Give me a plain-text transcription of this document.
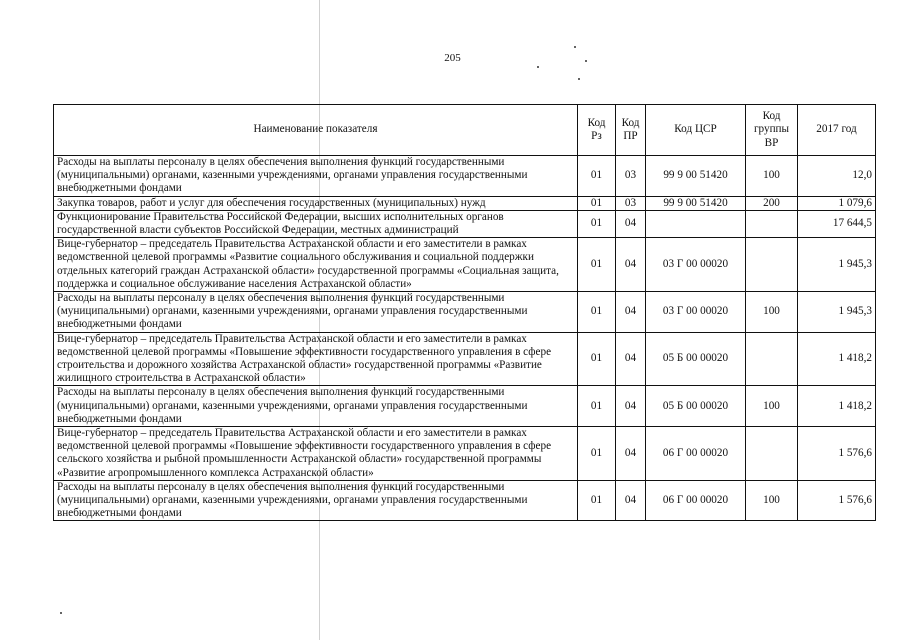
205
Наименование показателя	Код Рз	Код ПР	Код ЦСР	Код группы ВР	2017 год
Расходы на выплаты персоналу в целях обеспечения выполнения функций государственными (муниципальными) органами, казенными учреждениями, органами управления государственными внебюджетными фондами	01	03	99 9 00 51420	100	12,0
Закупка товаров, работ и услуг для обеспечения государственных (муниципальных) нужд	01	03	99 9 00 51420	200	1 079,6
Функционирование Правительства Российской Федерации, высших исполнительных органов государственной власти субъектов Российской Федерации, местных администраций	01	04			17 644,5
Вице-губернатор – председатель Правительства Астраханской области и его заместители в рамках ведомственной целевой программы «Развитие социального обслуживания и социальной поддержки отдельных категорий граждан Астраханской области» государственной программы «Социальная защита, поддержка и социальное обслуживание населения Астраханской области»	01	04	03 Г 00 00020		1 945,3
Расходы на выплаты персоналу в целях обеспечения выполнения функций государственными (муниципальными) органами, казенными учреждениями, органами управления государственными внебюджетными фондами	01	04	03 Г 00 00020	100	1 945,3
Вице-губернатор – председатель Правительства Астраханской области и его заместители в рамках ведомственной целевой программы «Повышение эффективности государственного управления в сфере строительства и дорожного хозяйства Астраханской области» государственной программы «Развитие жилищного строительства в Астраханской области»	01	04	05 Б 00 00020		1 418,2
Расходы на выплаты персоналу в целях обеспечения выполнения функций государственными (муниципальными) органами, казенными учреждениями, органами управления государственными внебюджетными фондами	01	04	05 Б 00 00020	100	1 418,2
Вице-губернатор – председатель Правительства Астраханской области и его заместители в рамках ведомственной целевой программы «Повышение эффективности государственного управления в сфере сельского хозяйства и рыбной промышленности Астраханской области» государственной программы «Развитие агропромышленного комплекса Астраханской области»	01	04	06 Г 00 00020		1 576,6
Расходы на выплаты персоналу в целях обеспечения выполнения функций государственными (муниципальными) органами, казенными учреждениями, органами управления государственными внебюджетными фондами	01	04	06 Г 00 00020	100	1 576,6
